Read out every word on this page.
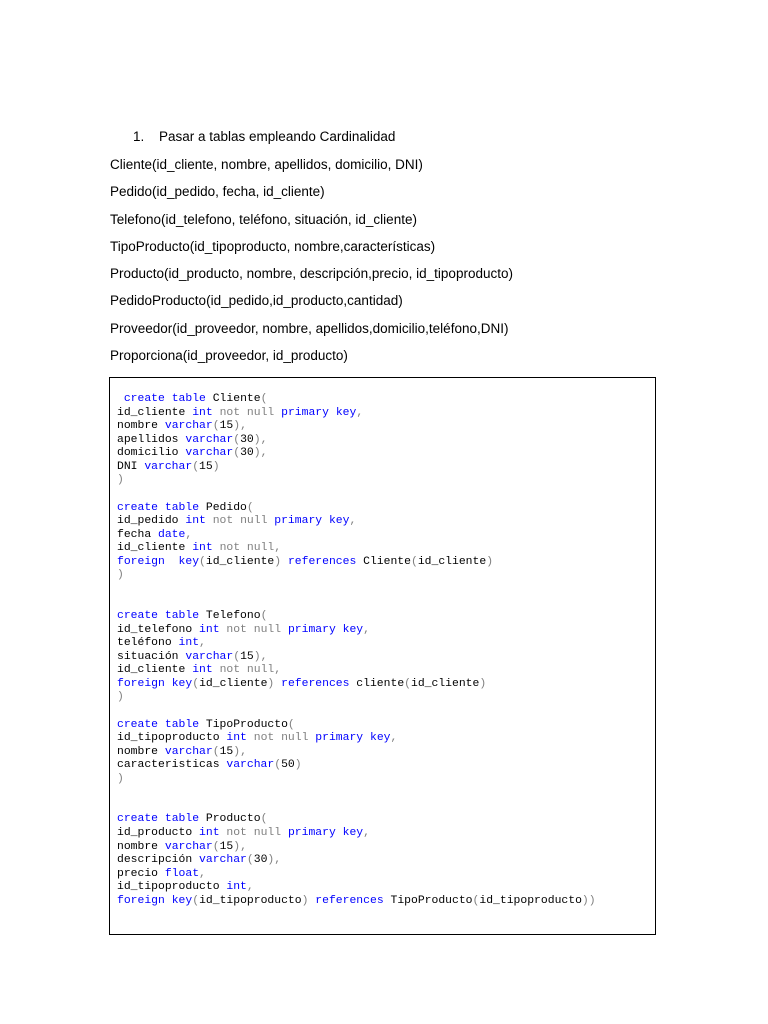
1. Pasar a tablas empleando Cardinalidad
Cliente(id_cliente, nombre, apellidos, domicilio, DNI)
Pedido(id_pedido, fecha, id_cliente)
Telefono(id_telefono, teléfono, situación, id_cliente)
TipoProducto(id_tipoproducto, nombre,características)
Producto(id_producto, nombre, descripción,precio, id_tipoproducto)
PedidoProducto(id_pedido,id_producto,cantidad)
Proveedor(id_proveedor, nombre, apellidos,domicilio,teléfono,DNI)
Proporciona(id_proveedor, id_producto)
create table Cliente(
id_cliente int not null primary key,
nombre varchar(15),
apellidos varchar(30),
domicilio varchar(30),
DNI varchar(15)
)
create table Pedido(
id_pedido int not null primary key,
fecha date,
id_cliente int not null,
foreign key(id_cliente) references Cliente(id_cliente)
)
create table Telefono(
id_telefono int not null primary key,
teléfono int,
situación varchar(15),
id_cliente int not null,
foreign key(id_cliente) references cliente(id_cliente)
)
create table TipoProducto(
id_tipoproducto int not null primary key,
nombre varchar(15),
caracteristicas varchar(50)
)
create table Producto(
id_producto int not null primary key,
nombre varchar(15),
descripción varchar(30),
precio float,
id_tipoproducto int,
foreign key(id_tipoproducto) references TipoProducto(id_tipoproducto))
